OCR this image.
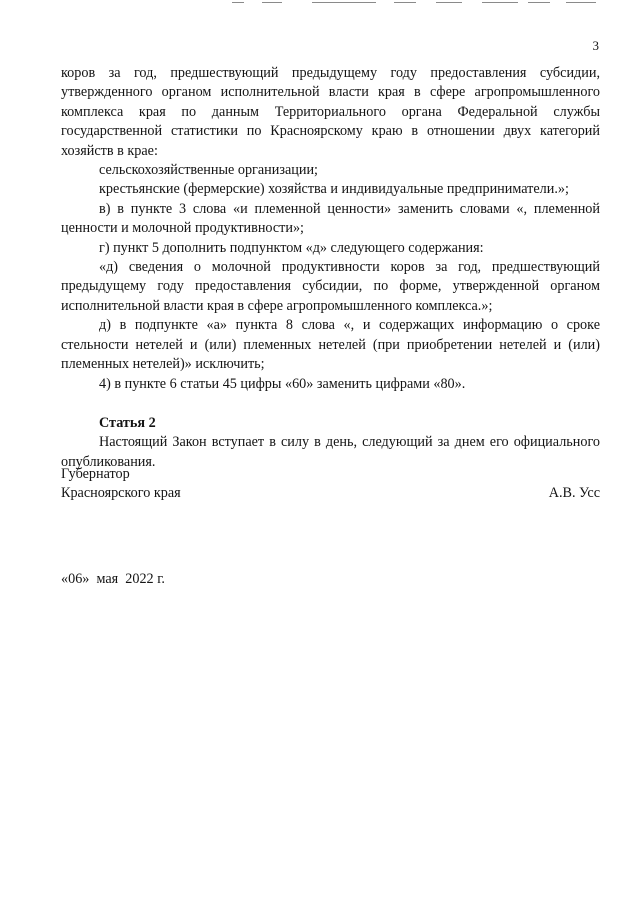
3

коров за год, предшествующий предыдущему году предоставления субсидии, утвержденного органом исполнительной власти края в сфере агропромышленного комплекса края по данным Территориального органа Федеральной службы государственной статистики по Красноярскому краю в отношении двух категорий хозяйств в крае:

сельскохозяйственные организации;

крестьянские (фермерские) хозяйства и индивидуальные предприниматели.»;

в) в пункте 3 слова «и племенной ценности» заменить словами «, племенной ценности и молочной продуктивности»;

г) пункт 5 дополнить подпунктом «д» следующего содержания:

«д) сведения о молочной продуктивности коров за год, предшествующий предыдущему году предоставления субсидии, по форме, утвержденной органом исполнительной власти края в сфере агропромышленного комплекса.»;

д) в подпункте «а» пункта 8 слова «, и содержащих информацию о сроке стельности нетелей и (или) племенных нетелей (при приобретении нетелей и (или) племенных нетелей)» исключить;

4) в пункте 6 статьи 45 цифры «60» заменить цифрами «80».

Статья 2

Настоящий Закон вступает в силу в день, следующий за днем его официального опубликования.

Губернатор
Красноярского края	А.В. Усс
«06»  мая  2022 г.
